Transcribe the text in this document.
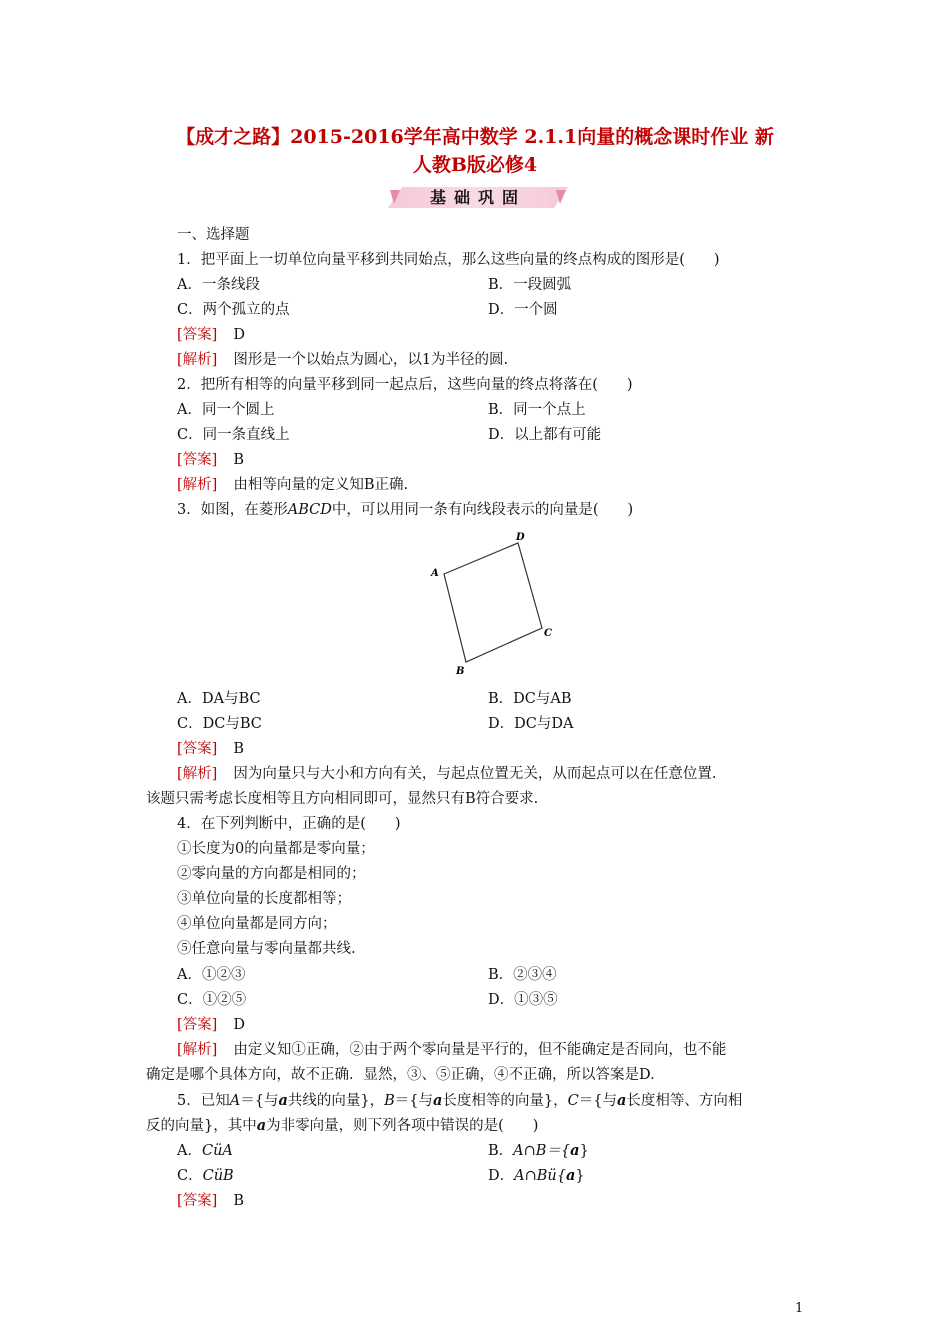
【成才之路】2015-2016学年高中数学 2.1.1向量的概念课时作业 新
人教B版必修4
基础巩固
一、选择题
1．把平面上一切单位向量平移到共同始点，那么这些向量的终点构成的图形是(　　)
A．一条线段	B．一段圆弧
C．两个孤立的点	D．一个圆
[答案] D
[解析] 图形是一个以始点为圆心，以1为半径的圆.
2．把所有相等的向量平移到同一起点后，这些向量的终点将落在(　　)
A．同一个圆上	B．同一个点上
C．同一条直线上	D．以上都有可能
[答案] B
[解析] 由相等向量的定义知B正确.
3．如图，在菱形ABCD中，可以用同一条有向线段表示的向量是(　　)
A
B
C
D
A．DA与BC	B．DC与AB
C．DC与BC	D．DC与DA
[答案] B
[解析] 因为向量只与大小和方向有关，与起点位置无关，从而起点可以在任意位置.
该题只需考虑长度相等且方向相同即可，显然只有B符合要求.
4．在下列判断中，正确的是(　　)
①长度为0的向量都是零向量；
②零向量的方向都是相同的；
③单位向量的长度都相等；
④单位向量都是同方向；
⑤任意向量与零向量都共线.
A．①②③	B．②③④
C．①②⑤	D．①③⑤
[答案] D
[解析] 由定义知①正确，②由于两个零向量是平行的，但不能确定是否同向，也不能
确定是哪个具体方向，故不正确．显然，③、⑤正确，④不正确，所以答案是D.
5．已知A＝{与a共线的向量}，B＝{与a长度相等的向量}，C＝{与a长度相等、方向相
反的向量}，其中a为非零向量，则下列各项中错误的是(　　)
A．CüA	B．A∩B＝{a}
C．CüB	D．A∩Bü{a}
[答案] B
1
